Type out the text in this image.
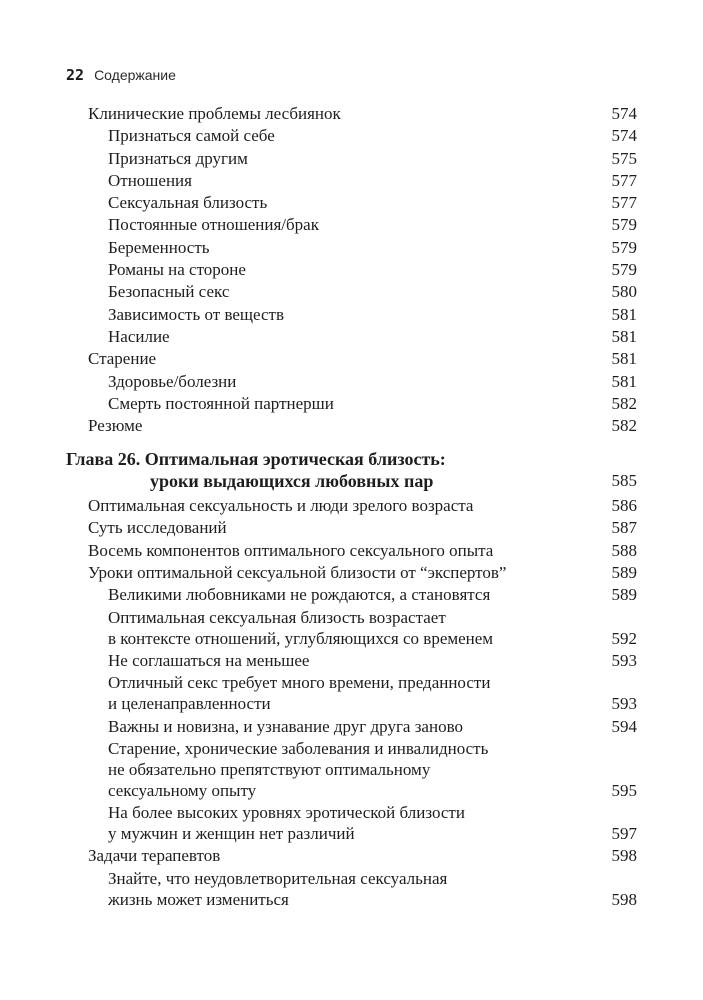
22 Содержание
Клинические проблемы лесбиянок	574
Признаться самой себе	574
Признаться другим	575
Отношения	577
Сексуальная близость	577
Постоянные отношения/брак	579
Беременность	579
Романы на стороне	579
Безопасный секс	580
Зависимость от веществ	581
Насилие	581
Старение	581
Здоровье/болезни	581
Смерть постоянной партнерши	582
Резюме	582
Глава 26. Оптимальная эротическая близость:
уроки выдающихся любовных пар	585
Оптимальная сексуальность и люди зрелого возраста	586
Суть исследований	587
Восемь компонентов оптимального сексуального опыта	588
Уроки оптимальной сексуальной близости от “экспертов”	589
Великими любовниками не рождаются, а становятся	589
Оптимальная сексуальная близость возрастает
в контексте отношений, углубляющихся со временем	592
Не соглашаться на меньшее	593
Отличный секс требует много времени, преданности
и целенаправленности	593
Важны и новизна, и узнавание друг друга заново	594
Старение, хронические заболевания и инвалидность
не обязательно препятствуют оптимальному
сексуальному опыту	595
На более высоких уровнях эротической близости
у мужчин и женщин нет различий	597
Задачи терапевтов	598
Знайте, что неудовлетворительная сексуальная
жизнь может измениться	598
